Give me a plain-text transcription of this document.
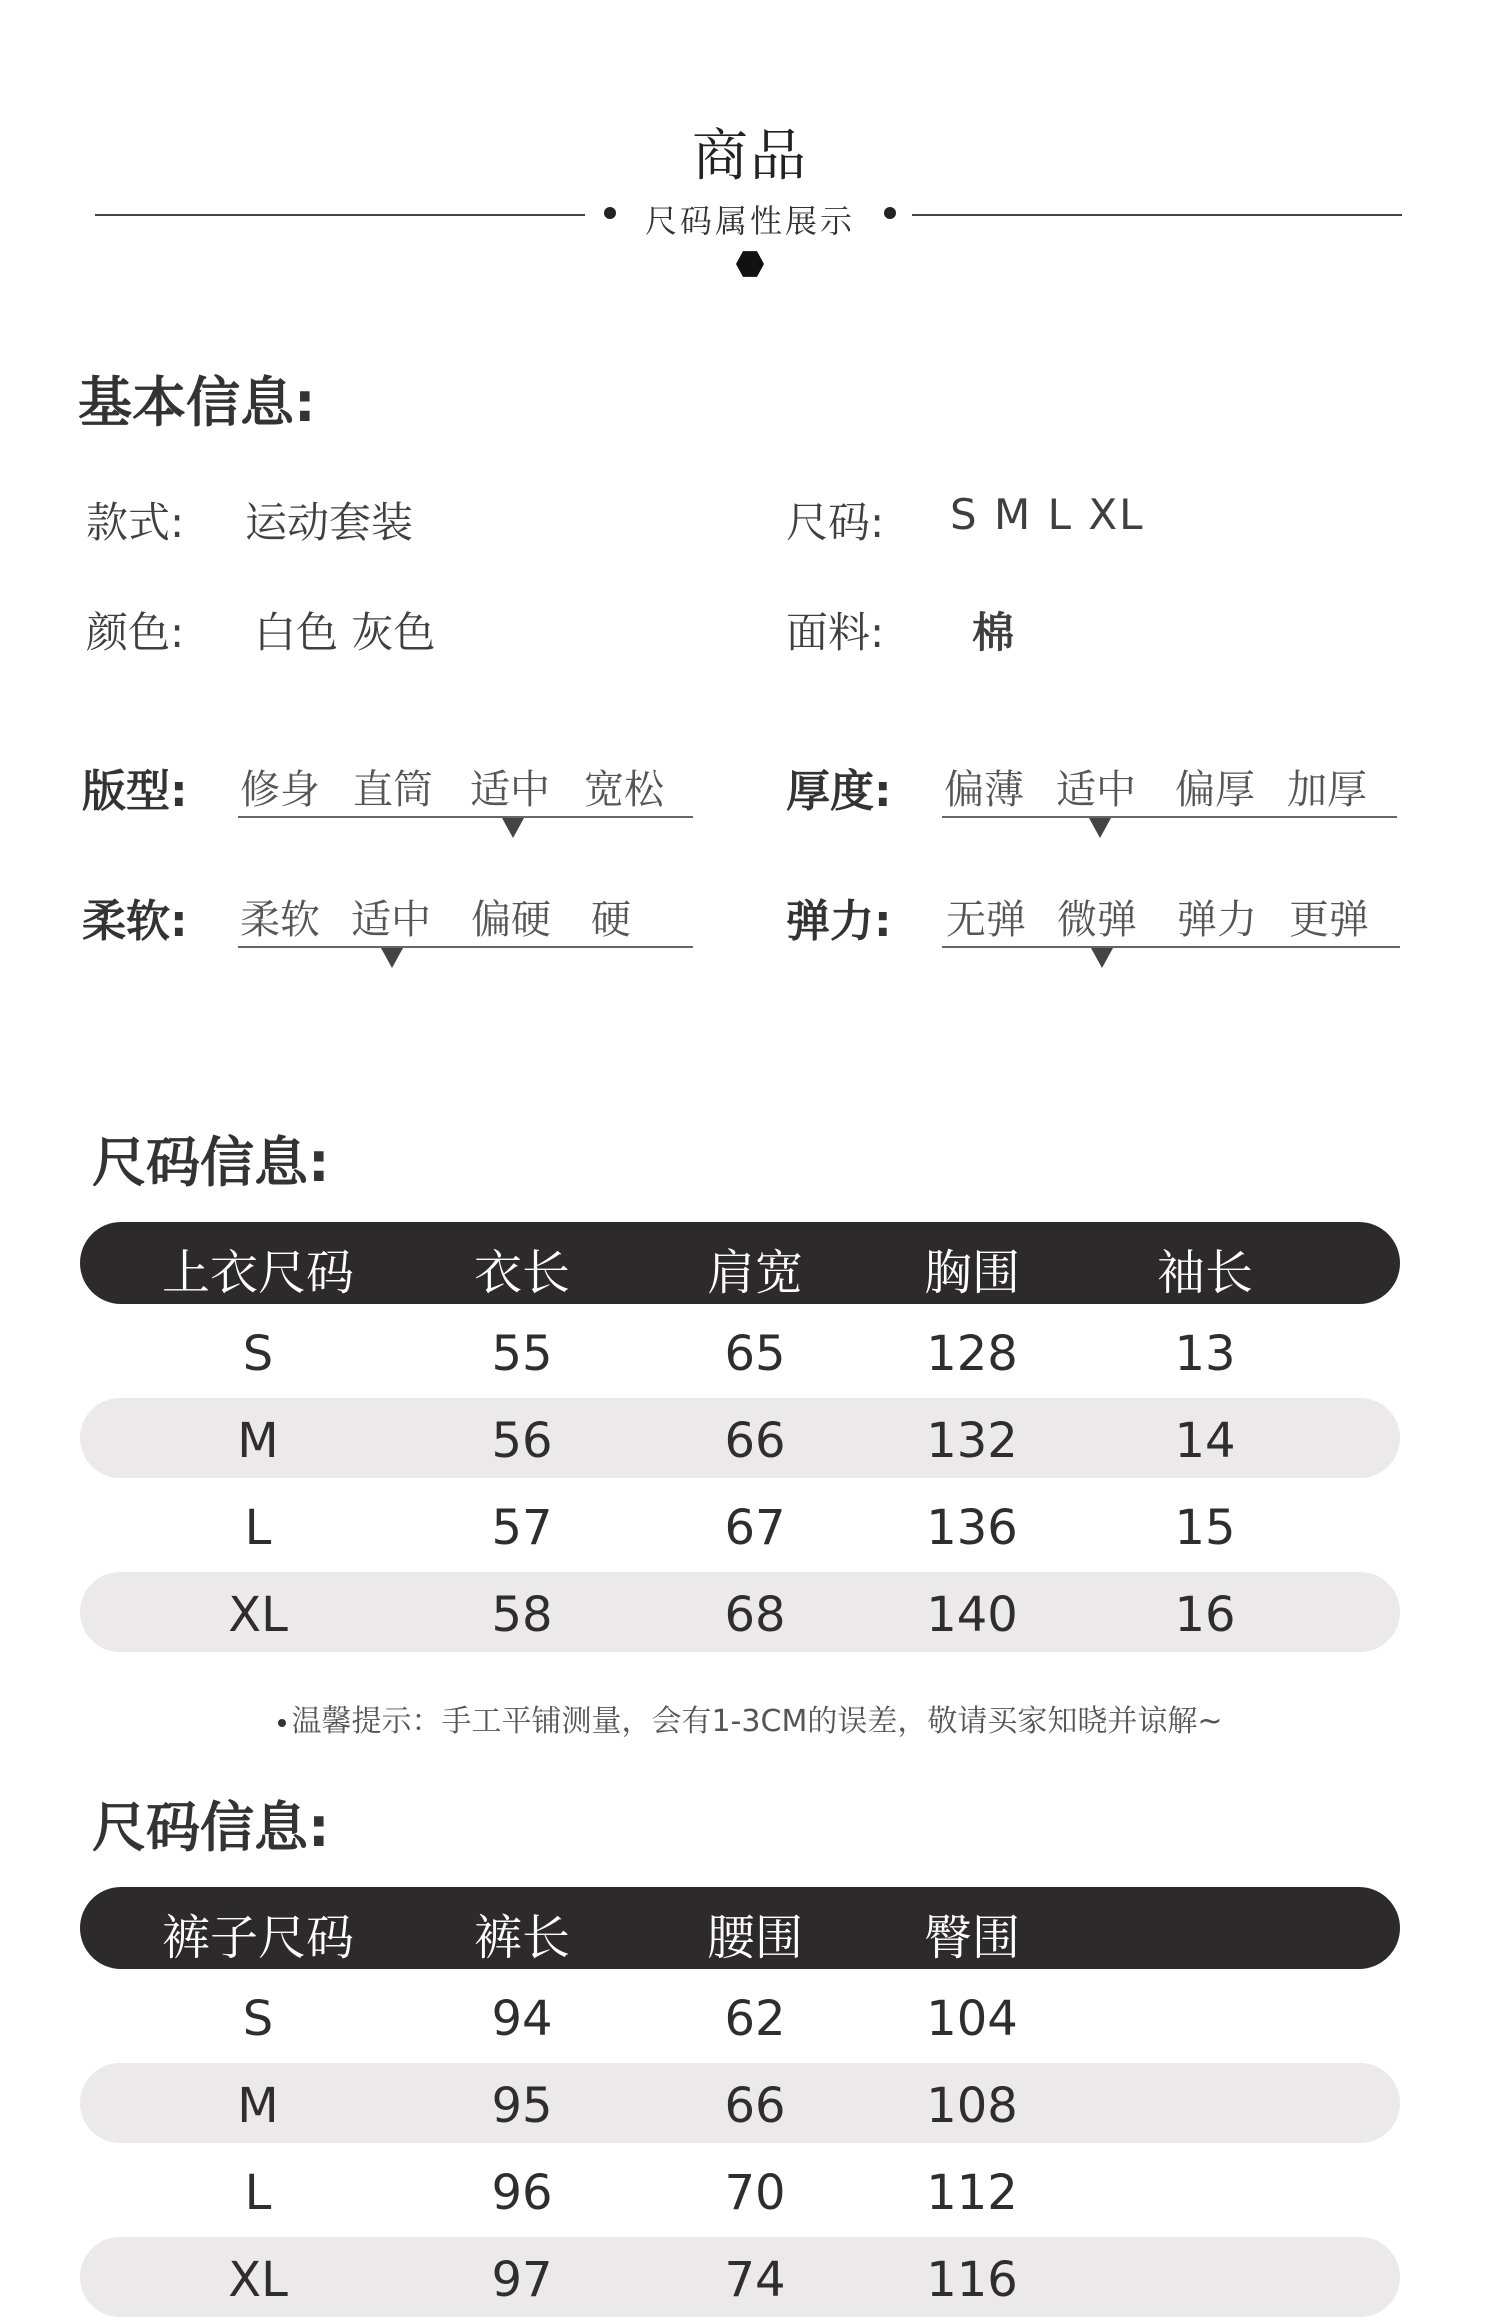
商品
尺码属性展示
基本信息:
款式: 运动套装	尺码: S M L XL
颜色: 白色 灰色	面料: 棉
版型: 修身 直筒 适中 宽松	厚度: 偏薄 适中 偏厚 加厚
柔软: 柔软 适中 偏硬 硬	弹力: 无弹 微弹 弹力 更弹
尺码信息:
上衣尺码	衣长	肩宽	胸围	袖长
S	55	65	128	13
M	56	66	132	14
L	57	67	136	15
XL	58	68	140	16
温馨提示：手工平铺测量，会有1-3CM的误差，敬请买家知晓并谅解~
尺码信息:
裤子尺码	裤长	腰围	臀围
S	94	62	104
M	95	66	108
L	96	70	112
XL	97	74	116
